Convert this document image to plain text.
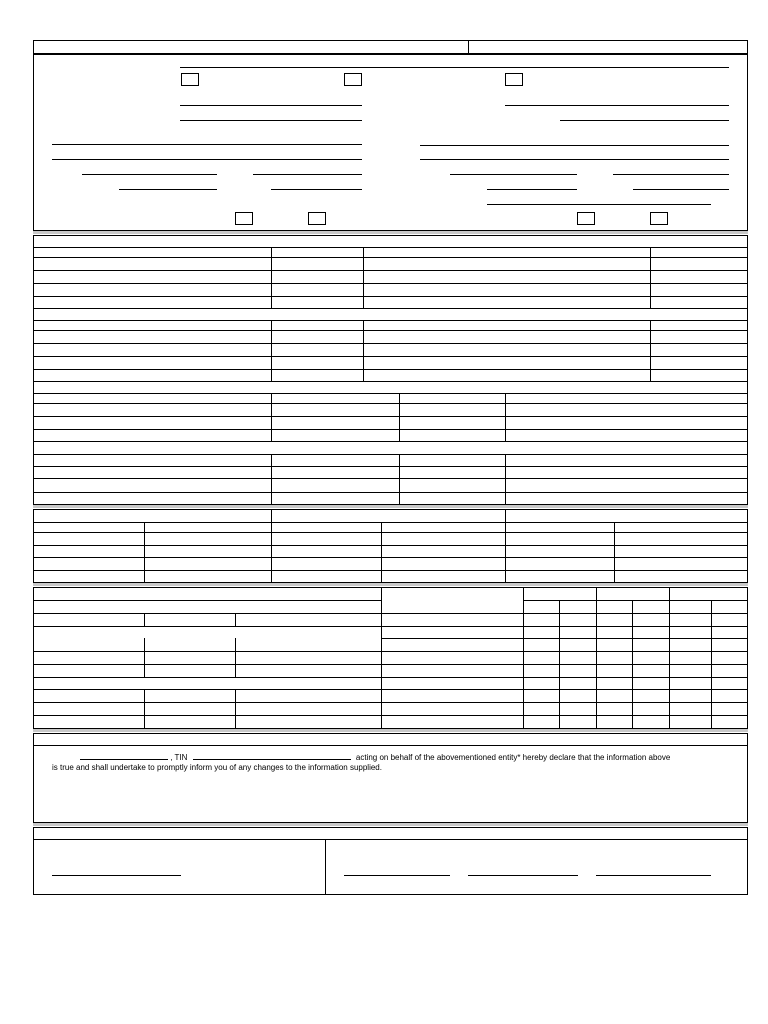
, TIN	acting on behalf of the abovementioned entity* hereby declare that the information above
is true and shall undertake to promptly inform you of any changes to the information supplied.
